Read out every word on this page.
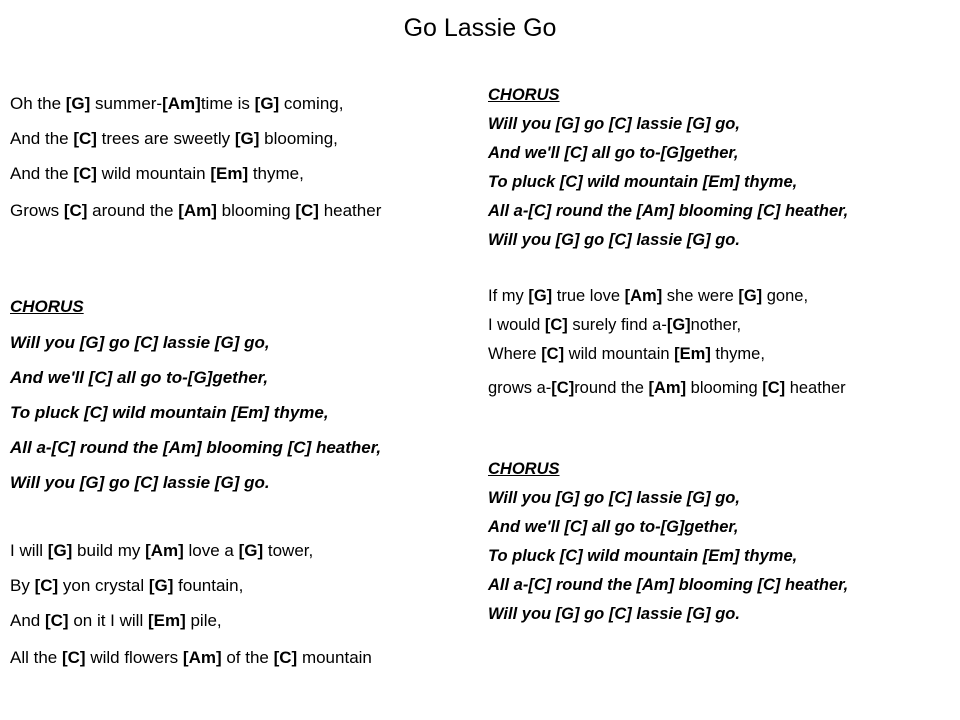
Go Lassie Go
Oh the [G] summer-[Am]time is [G] coming,
And the [C] trees are sweetly [G] blooming,
And the [C] wild mountain [Em] thyme,
Grows [C] around the [Am] blooming [C] heather
CHORUS
Will you [G] go [C] lassie [G] go,
And we'll [C] all go to-[G]gether,
To pluck [C] wild mountain [Em] thyme,
All a-[C] round the [Am] blooming [C] heather,
Will you [G] go [C] lassie [G] go.
I will [G] build my [Am] love a [G] tower,
By [C] yon crystal [G] fountain,
And [C] on it I will [Em] pile,
All the [C] wild flowers [Am] of the [C] mountain
CHORUS
Will you [G] go [C] lassie [G] go,
And we'll [C] all go to-[G]gether,
To pluck [C] wild mountain [Em] thyme,
All a-[C] round the [Am] blooming [C] heather,
Will you [G] go [C] lassie [G] go.
If my [G] true love [Am] she were [G] gone,
I would [C] surely find a-[G]nother,
Where [C] wild mountain [Em] thyme,
grows a-[C]round the [Am] blooming [C] heather
CHORUS
Will you [G] go [C] lassie [G] go,
And we'll [C] all go to-[G]gether,
To pluck [C] wild mountain [Em] thyme,
All a-[C] round the [Am] blooming [C] heather,
Will you [G] go [C] lassie [G] go.
